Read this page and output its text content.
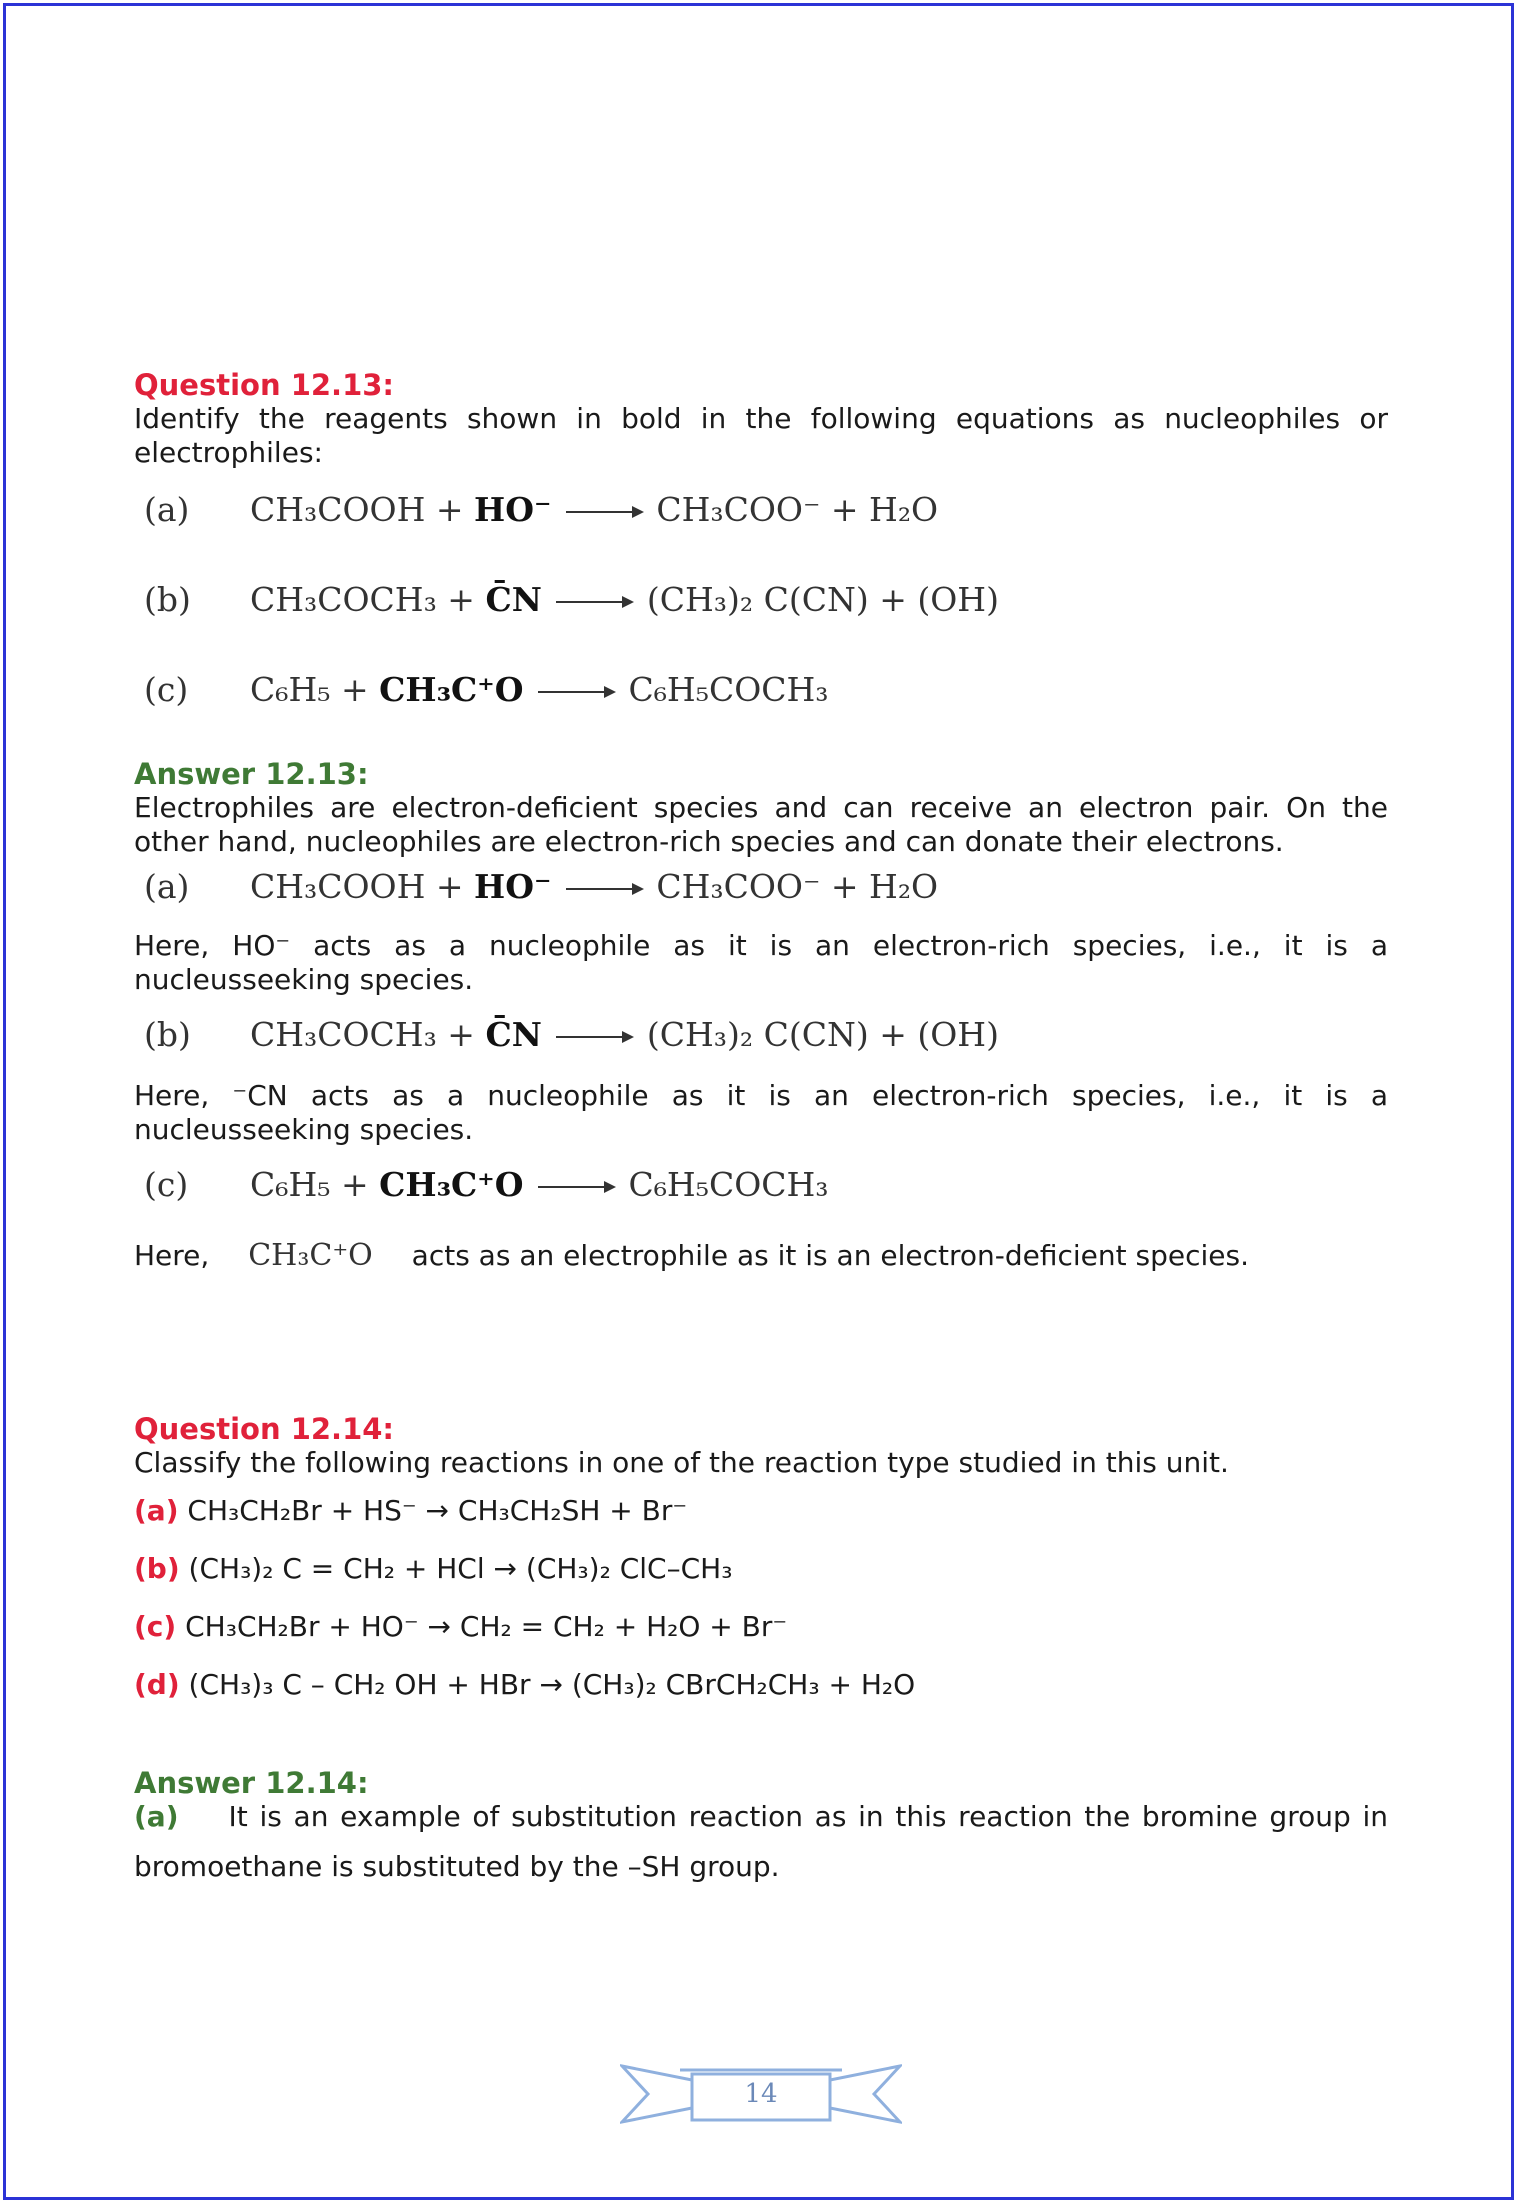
Question 12.13:

Identify the reagents shown in bold in the following equations as nucleophiles or electrophiles:

(a) CH₃COOH + HO⁻	CH₃COO⁻ + H₂O
(b) CH₃COCH₃ + C̄N	(CH₃)₂ C(CN) + (OH)
(c) C₆H₅ + CH₃C⁺O	C₆H₅COCH₃

Answer 12.13:

Electrophiles are electron-deficient species and can receive an electron pair. On the other hand, nucleophiles are electron-rich species and can donate their electrons.

(a) CH₃COOH + HO⁻	CH₃COO⁻ + H₂O

Here, HO⁻ acts as a nucleophile as it is an electron-rich species, i.e., it is a nucleusseeking species.

(b) CH₃COCH₃ + C̄N	(CH₃)₂ C(CN) + (OH)

Here, ⁻CN acts as a nucleophile as it is an electron-rich species, i.e., it is a nucleusseeking species.

(c) C₆H₅ + CH₃C⁺O	C₆H₅COCH₃

Here, CH₃C⁺O acts as an electrophile as it is an electron-deficient species.

Question 12.14:

Classify the following reactions in one of the reaction type studied in this unit.

(a) CH₃CH₂Br + HS⁻ → CH₃CH₂SH + Br⁻

(b) (CH₃)₂ C = CH₂ + HCl → (CH₃)₂ ClC–CH₃

(c) CH₃CH₂Br + HO⁻ → CH₂ = CH₂ + H₂O + Br⁻

(d) (CH₃)₃ C – CH₂ OH + HBr → (CH₃)₂ CBrCH₂CH₃ + H₂O

Answer 12.14:

(a) It is an example of substitution reaction as in this reaction the bromine group in bromoethane is substituted by the –SH group.

14
